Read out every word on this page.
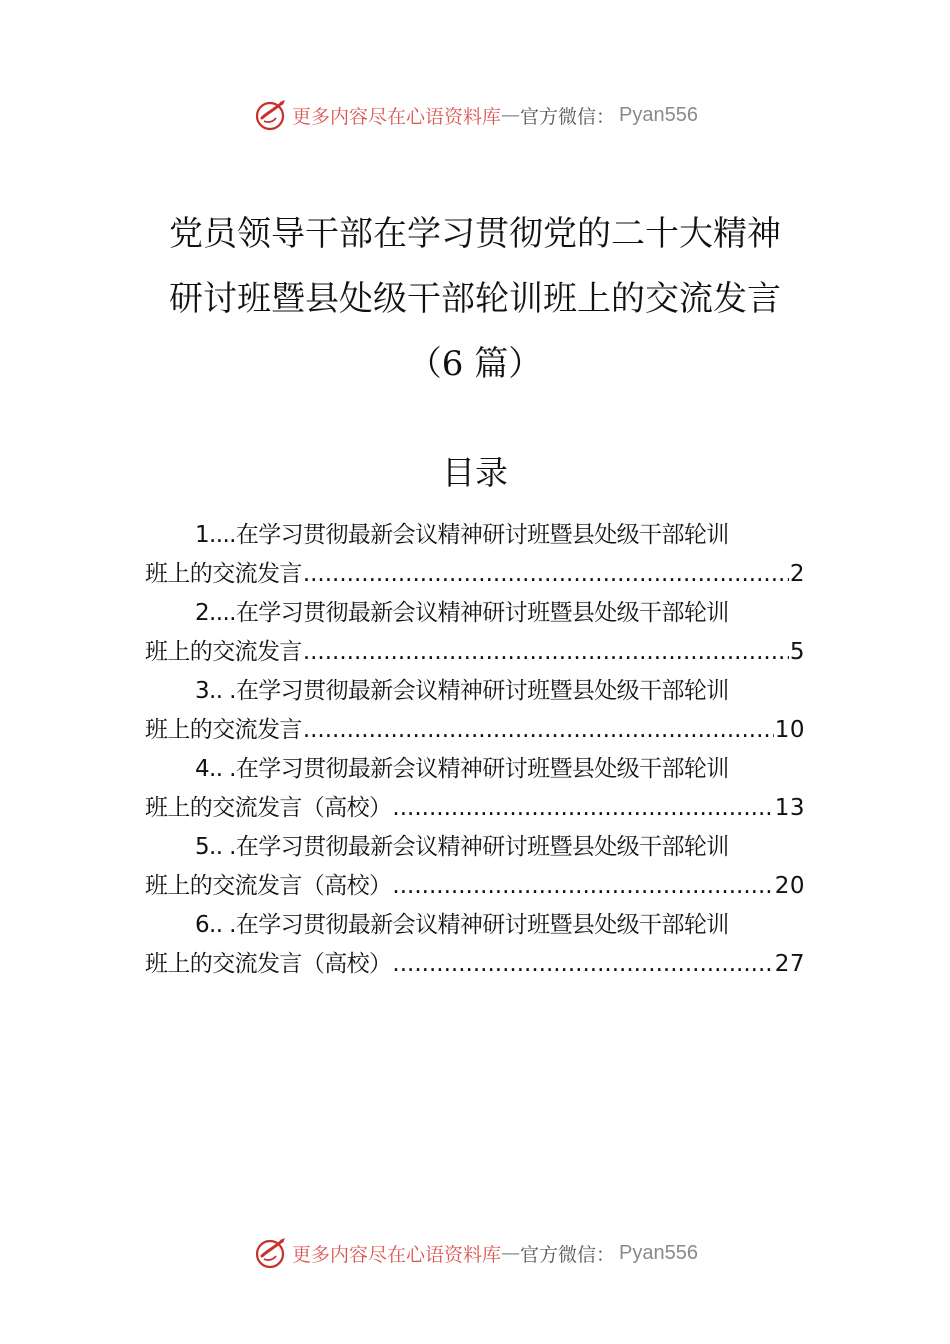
更多内容尽在心语资料库 — 官方微信： Pyan556
党员领导干部在学习贯彻党的二十大精神
研讨班暨县处级干部轮训班上的交流发言
（6 篇）
目录
1....在学习贯彻最新会议精神研讨班暨县处级干部轮训
班上的交流发言 .....	2
2....在学习贯彻最新会议精神研讨班暨县处级干部轮训
班上的交流发言 .....	5
3.. .在学习贯彻最新会议精神研讨班暨县处级干部轮训
班上的交流发言 .....	10
4.. .在学习贯彻最新会议精神研讨班暨县处级干部轮训
班上的交流发言（高校） .....	13
5.. .在学习贯彻最新会议精神研讨班暨县处级干部轮训
班上的交流发言（高校） .....	20
6.. .在学习贯彻最新会议精神研讨班暨县处级干部轮训
班上的交流发言（高校） .....	27
更多内容尽在心语资料库 — 官方微信： Pyan556
